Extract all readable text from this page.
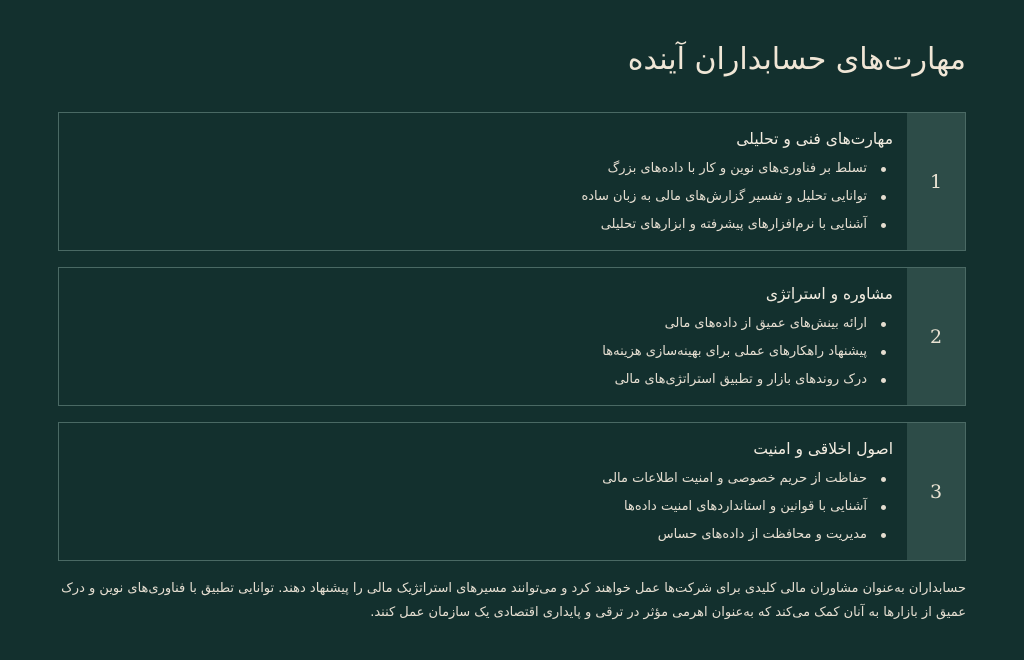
مهارت‌های حسابداران آینده
1
مهارت‌های فنی و تحلیلی
تسلط بر فناوری‌های نوین و کار با داده‌های بزرگ
توانایی تحلیل و تفسیر گزارش‌های مالی به زبان ساده
آشنایی با نرم‌افزارهای پیشرفته و ابزارهای تحلیلی
2
مشاوره و استراتژی
ارائه بینش‌های عمیق از داده‌های مالی
پیشنهاد راهکارهای عملی برای بهینه‌سازی هزینه‌ها
درک روندهای بازار و تطبیق استراتژی‌های مالی
3
اصول اخلاقی و امنیت
حفاظت از حریم خصوصی و امنیت اطلاعات مالی
آشنایی با قوانین و استانداردهای امنیت داده‌ها
مدیریت و محافظت از داده‌های حساس

حسابداران به‌عنوان مشاوران مالی کلیدی برای شرکت‌ها عمل خواهند کرد و می‌توانند مسیرهای استراتژیک مالی را پیشنهاد دهند. توانایی تطبیق با فناوری‌های نوین و درک عمیق از بازارها به آنان کمک می‌کند که به‌عنوان اهرمی مؤثر در ترقی و پایداری اقتصادی یک سازمان عمل کنند.
